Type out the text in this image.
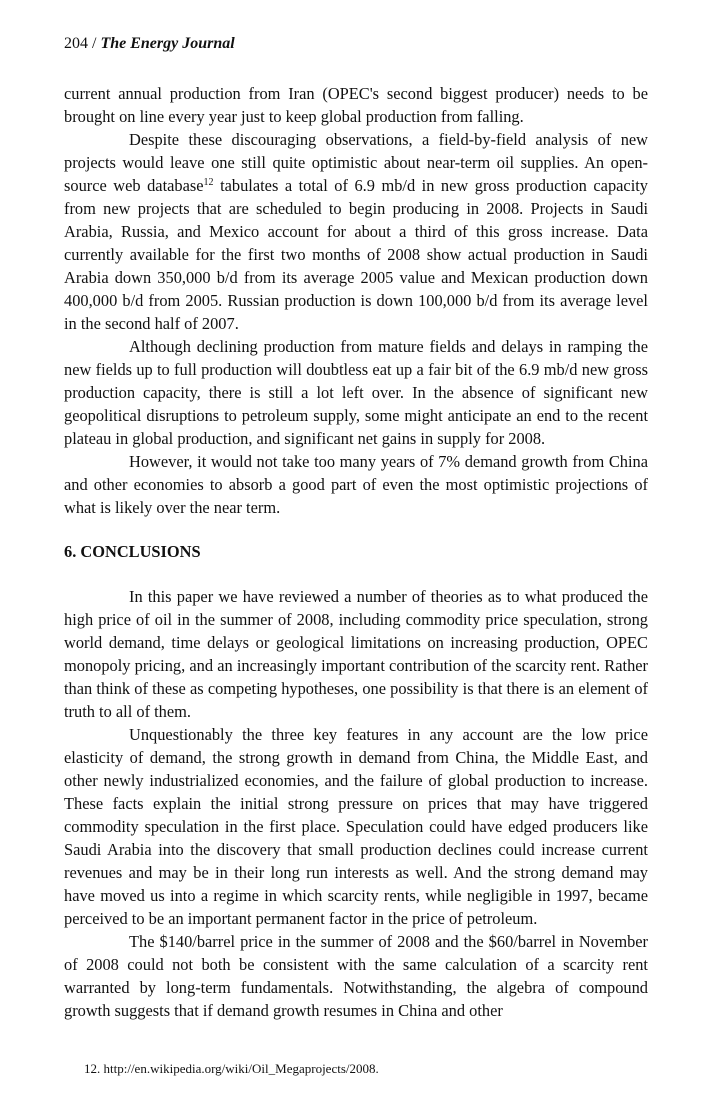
204 / The Energy Journal

current annual production from Iran (OPEC's second biggest producer) needs to be brought on line every year just to keep global production from falling.

Despite these discouraging observations, a field-by-field analysis of new projects would leave one still quite optimistic about near-term oil supplies. An open-source web database$^{12}$ tabulates a total of 6.9 mb/d in new gross production capacity from new projects that are scheduled to begin producing in 2008. Projects in Saudi Arabia, Russia, and Mexico account for about a third of this gross increase. Data currently available for the first two months of 2008 show actual production in Saudi Arabia down 350,000 b/d from its average 2005 value and Mexican production down 400,000 b/d from 2005. Russian production is down 100,000 b/d from its average level in the second half of 2007.

Although declining production from mature fields and delays in ramping the new fields up to full production will doubtless eat up a fair bit of the 6.9 mb/d new gross production capacity, there is still a lot left over. In the absence of significant new geopolitical disruptions to petroleum supply, some might anticipate an end to the recent plateau in global production, and significant net gains in supply for 2008.

However, it would not take too many years of 7% demand growth from China and other economies to absorb a good part of even the most optimistic projections of what is likely over the near term.

6. CONCLUSIONS

In this paper we have reviewed a number of theories as to what produced the high price of oil in the summer of 2008, including commodity price speculation, strong world demand, time delays or geological limitations on increasing production, OPEC monopoly pricing, and an increasingly important contribution of the scarcity rent. Rather than think of these as competing hypotheses, one possibility is that there is an element of truth to all of them.

Unquestionably the three key features in any account are the low price elasticity of demand, the strong growth in demand from China, the Middle East, and other newly industrialized economies, and the failure of global production to increase. These facts explain the initial strong pressure on prices that may have triggered commodity speculation in the first place. Speculation could have edged producers like Saudi Arabia into the discovery that small production declines could increase current revenues and may be in their long run interests as well. And the strong demand may have moved us into a regime in which scarcity rents, while negligible in 1997, became perceived to be an important permanent factor in the price of petroleum.

The $140/barrel price in the summer of 2008 and the $60/barrel in November of 2008 could not both be consistent with the same calculation of a scarcity rent warranted by long-term fundamentals. Notwithstanding, the algebra of compound growth suggests that if demand growth resumes in China and other

12. http://en.wikipedia.org/wiki/Oil_Megaprojects/2008.
